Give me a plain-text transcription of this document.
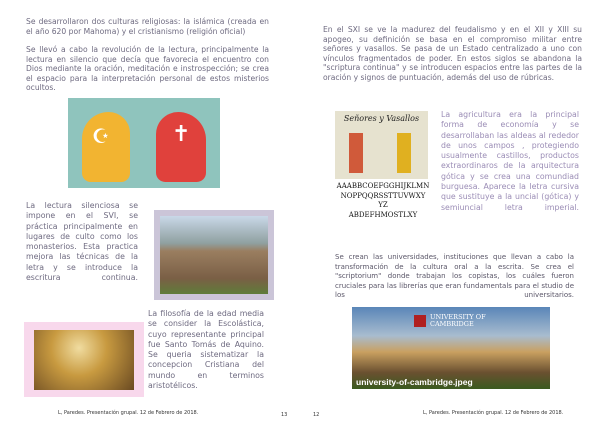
Se desarrollaron dos culturas religiosas: la islámica (creada en el año 620 por Mahoma) y el cristianismo (religión oficial)

Se llevó a cabo la revolución de la lectura, principalmente la lectura en silencio que decía que favorecia el encuentro con Dios mediante la oración, meditación e instrospección; se crea el espacio para la interpretación personal de estos misterios ocultos.

☪	✝

La lectura silenciosa se impone en el SVI, se práctica principalmente en lugares de culto como los monasterios. Esta practica mejora las técnicas de la letra y se introduce la escritura continua.

La filosofía de la edad media se consider la Escolástica, cuyo representante principal fue Santo Tomás de Aquino. Se queria sistematizar la concepcion Cristiana del mundo en terminos aristotélicos.

L, Paredes. Presentación grupal. 12 de Febrero de 2018.	13

En el SXI se ve la madurez del feudalismo y en el XII y XIII su apogeo, su definición se basa en el compromiso militar entre señores y vasallos. Se pasa de un Estado centralizado a uno con vínculos fragmentados de poder. En estos siglos se abandona la "scriptura continua" y se introducen espacios entre las partes de la oración y signos de puntuación, además del uso de rúbricas.

Señores y Vasallos
AAABBCOEFGGHIJKLMN
NOPPQQRSSTTUVWXY
YZ
ABDEFHMOSTLXY

La agricultura era la principal forma de economía y se desarrollaban las aldeas al rededor de unos campos , protegiendo usualmente castillos, productos extraordinaros de la arquitectura gótica y se crea una comundiad burguesa. Aparece la letra cursiva que sustituye a la uncial (gótica) y semiuncial letra imperial.

Se crean las universidades, instituciones que llevan a cabo la transformación de la cultura oral a la escrita. Se crea el "scriptorium" donde trabajan los copistas, los cuáles fueron cruciales para las librerías que eran fundamentals para el studio de los universitarios.

UNIVERSITY OF CAMBRIDGE
university-of-cambridge.jpeg
12	L, Paredes. Presentación grupal. 12 de Febrero de 2018.
